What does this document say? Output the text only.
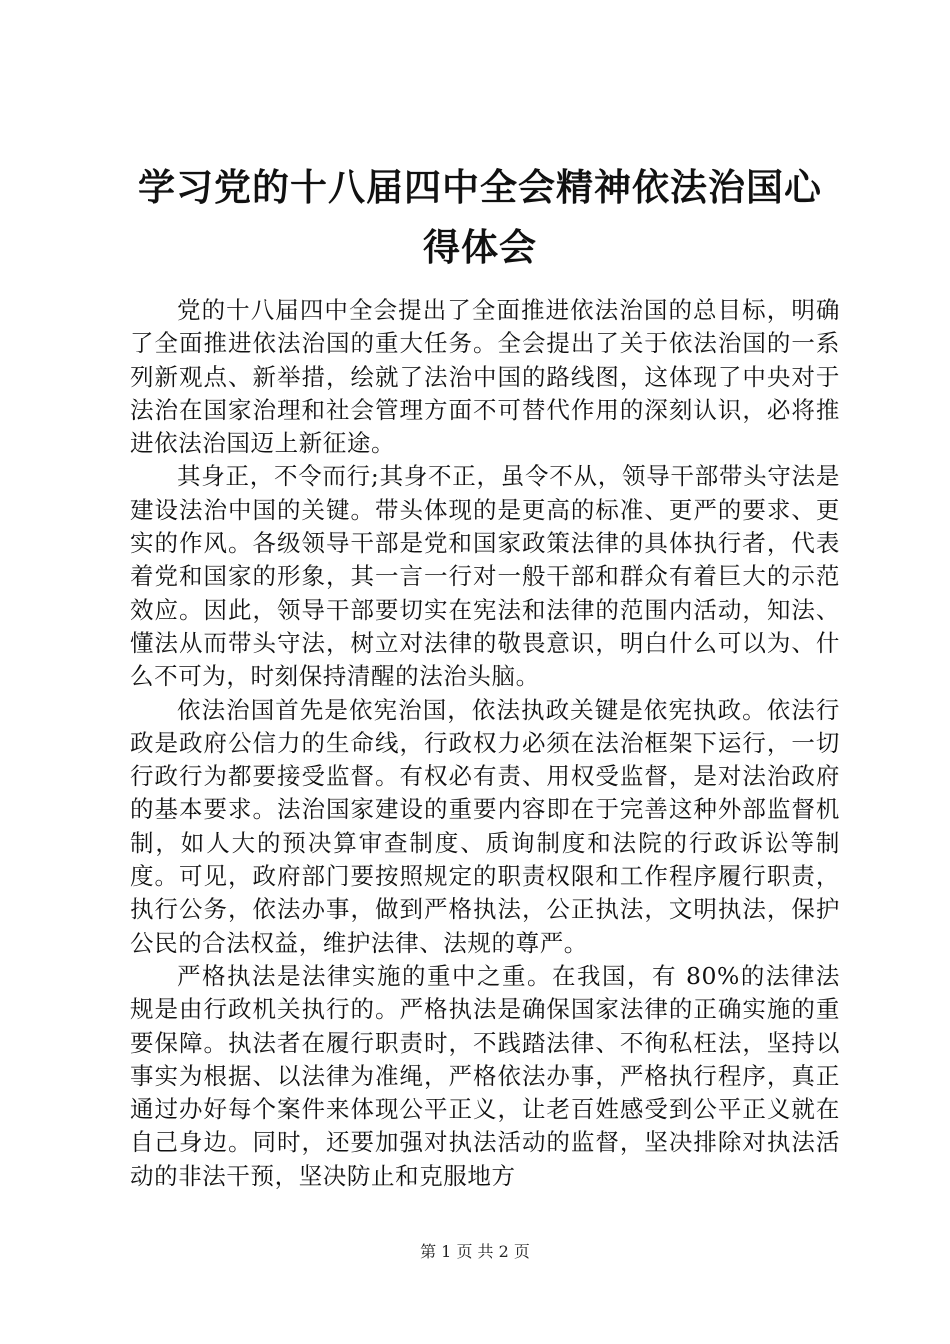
学习党的十八届四中全会精神依法治国心得体会

党的十八届四中全会提出了全面推进依法治国的总目标，明确了全面推进依法治国的重大任务。全会提出了关于依法治国的一系列新观点、新举措，绘就了法治中国的路线图，这体现了中央对于法治在国家治理和社会管理方面不可替代作用的深刻认识，必将推进依法治国迈上新征途。

其身正，不令而行;其身不正，虽令不从，领导干部带头守法是建设法治中国的关键。带头体现的是更高的标准、更严的要求、更实的作风。各级领导干部是党和国家政策法律的具体执行者，代表着党和国家的形象，其一言一行对一般干部和群众有着巨大的示范效应。因此，领导干部要切实在宪法和法律的范围内活动，知法、懂法从而带头守法，树立对法律的敬畏意识，明白什么可以为、什么不可为，时刻保持清醒的法治头脑。

依法治国首先是依宪治国，依法执政关键是依宪执政。依法行政是政府公信力的生命线，行政权力必须在法治框架下运行，一切行政行为都要接受监督。有权必有责、用权受监督，是对法治政府的基本要求。法治国家建设的重要内容即在于完善这种外部监督机制，如人大的预决算审查制度、质询制度和法院的行政诉讼等制度。可见，政府部门要按照规定的职责权限和工作程序履行职责，执行公务，依法办事，做到严格执法，公正执法，文明执法，保护公民的合法权益，维护法律、法规的尊严。

严格执法是法律实施的重中之重。在我国，有 80%的法律法规是由行政机关执行的。严格执法是确保国家法律的正确实施的重要保障。执法者在履行职责时，不践踏法律、不徇私枉法，坚持以事实为根据、以法律为准绳，严格依法办事，严格执行程序，真正通过办好每个案件来体现公平正义，让老百姓感受到公平正义就在自己身边。同时，还要加强对执法活动的监督，坚决排除对执法活动的非法干预，坚决防止和克服地方

第 1 页 共 2 页
